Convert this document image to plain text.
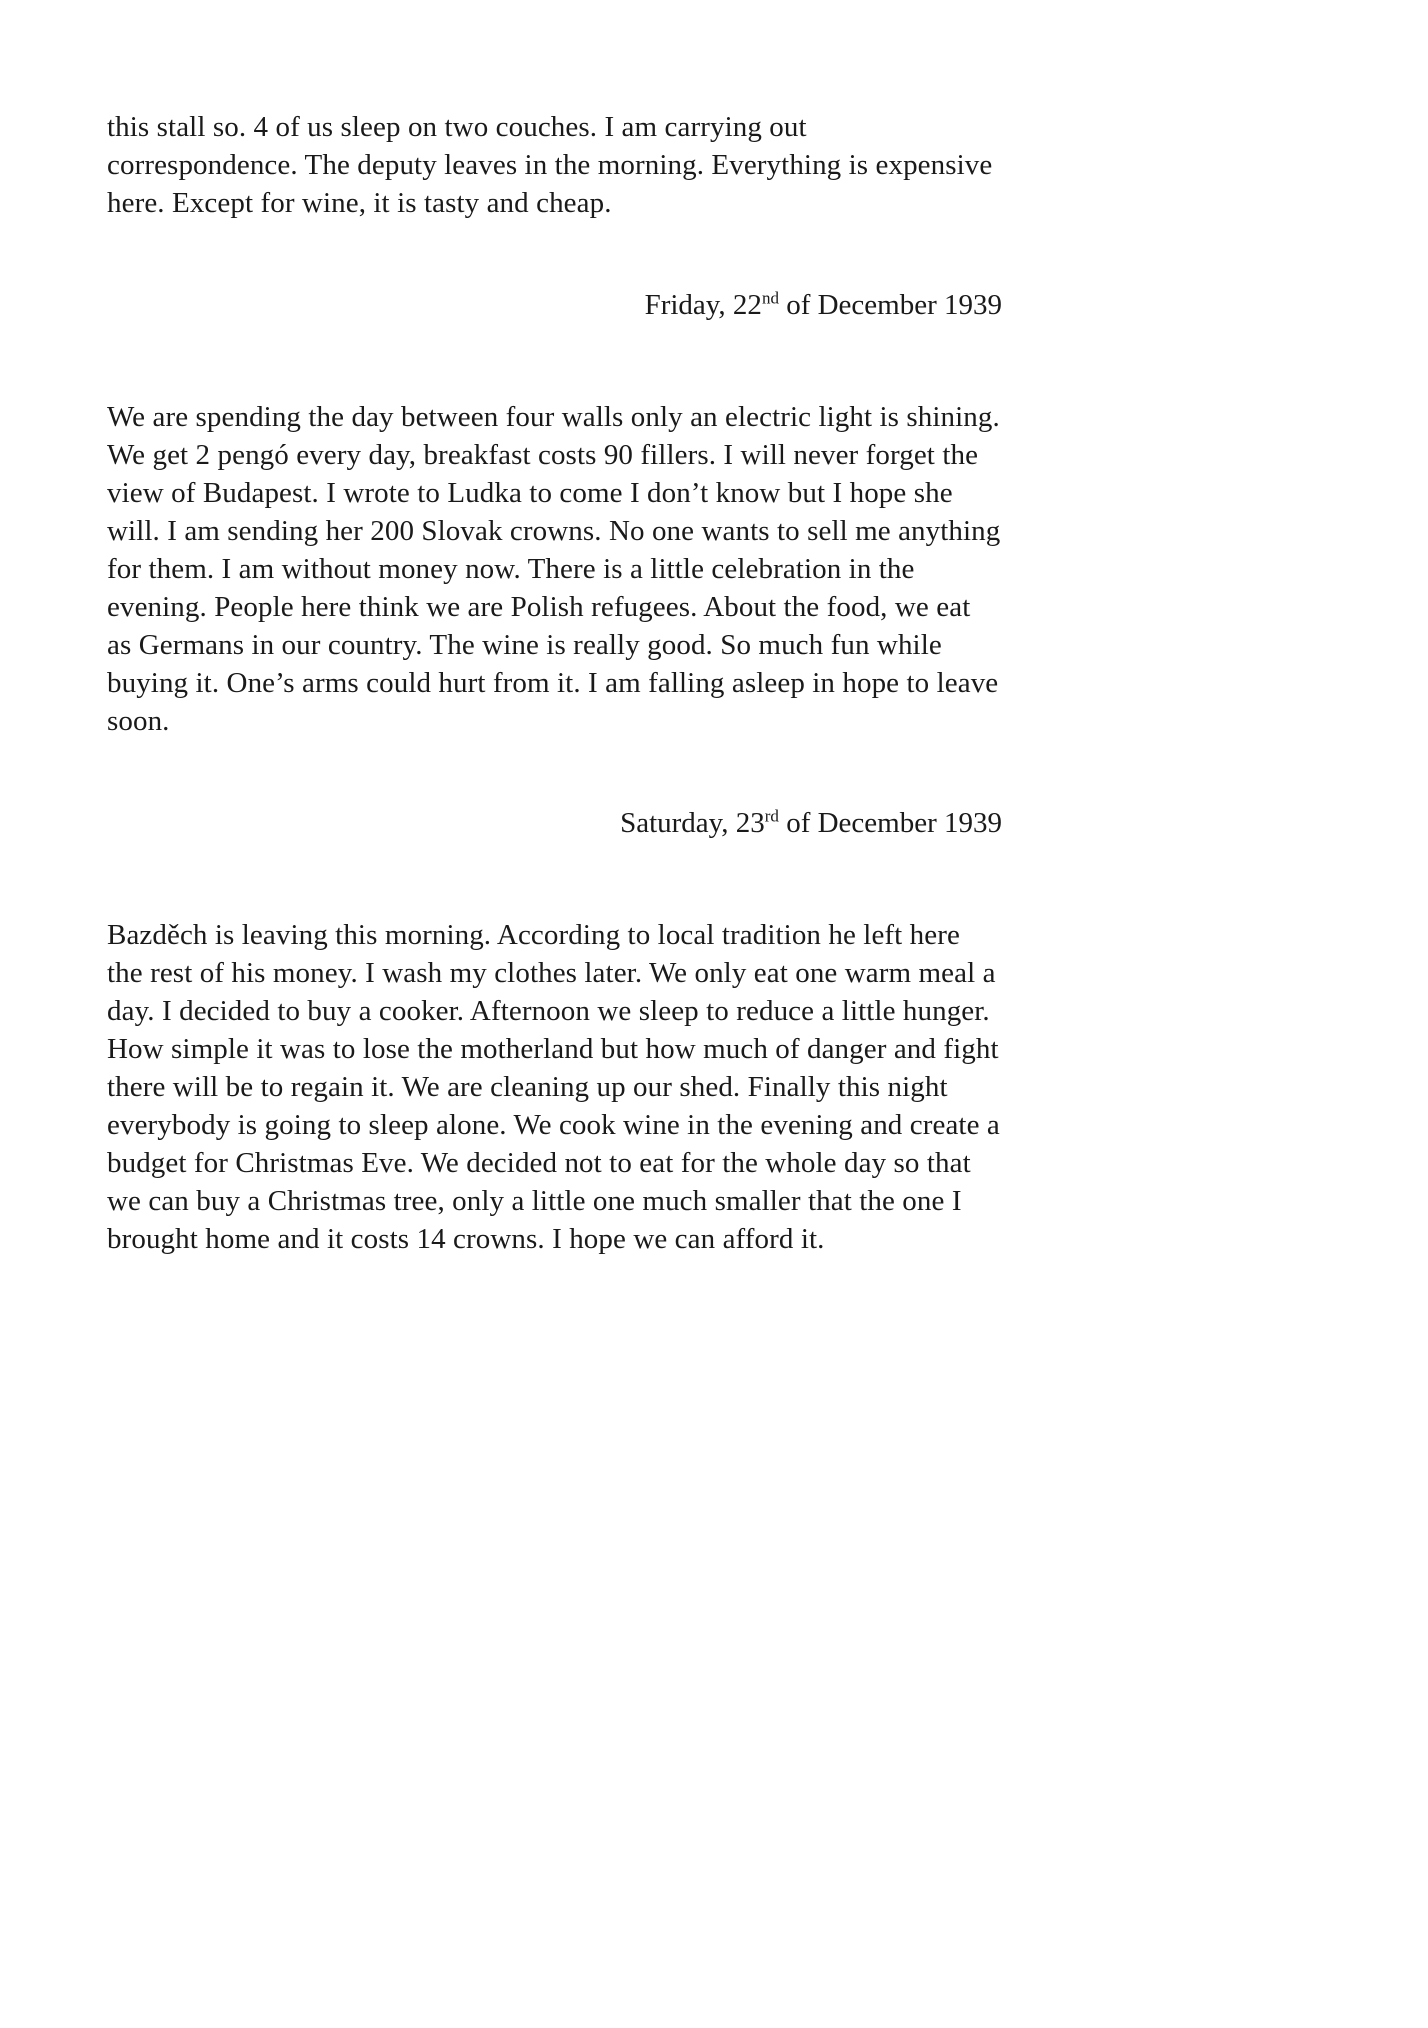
this stall so. 4 of us sleep on two couches. I am carrying out correspondence. The deputy leaves in the morning. Everything is expensive here. Except for wine, it is tasty and cheap.

Friday, 22nd of December 1939

We are spending the day between four walls only an electric light is shining. We get 2 pengó every day, breakfast costs 90 fillers. I will never forget the view of Budapest. I wrote to Ludka to come I don’t know but I hope she will. I am sending her 200 Slovak crowns. No one wants to sell me anything for them. I am without money now. There is a little celebration in the evening. People here think we are Polish refugees. About the food, we eat as Germans in our country. The wine is really good. So much fun while buying it. One’s arms could hurt from it. I am falling asleep in hope to leave soon.

Saturday, 23rd of December 1939

Bazděch is leaving this morning. According to local tradition he left here the rest of his money. I wash my clothes later. We only eat one warm meal a day. I decided to buy a cooker. Afternoon we sleep to reduce a little hunger. How simple it was to lose the motherland but how much of danger and fight there will be to regain it. We are cleaning up our shed. Finally this night everybody is going to sleep alone. We cook wine in the evening and create a budget for Christmas Eve. We decided not to eat for the whole day so that we can buy a Christmas tree, only a little one much smaller that the one I brought home and it costs 14 crowns. I hope we can afford it.
